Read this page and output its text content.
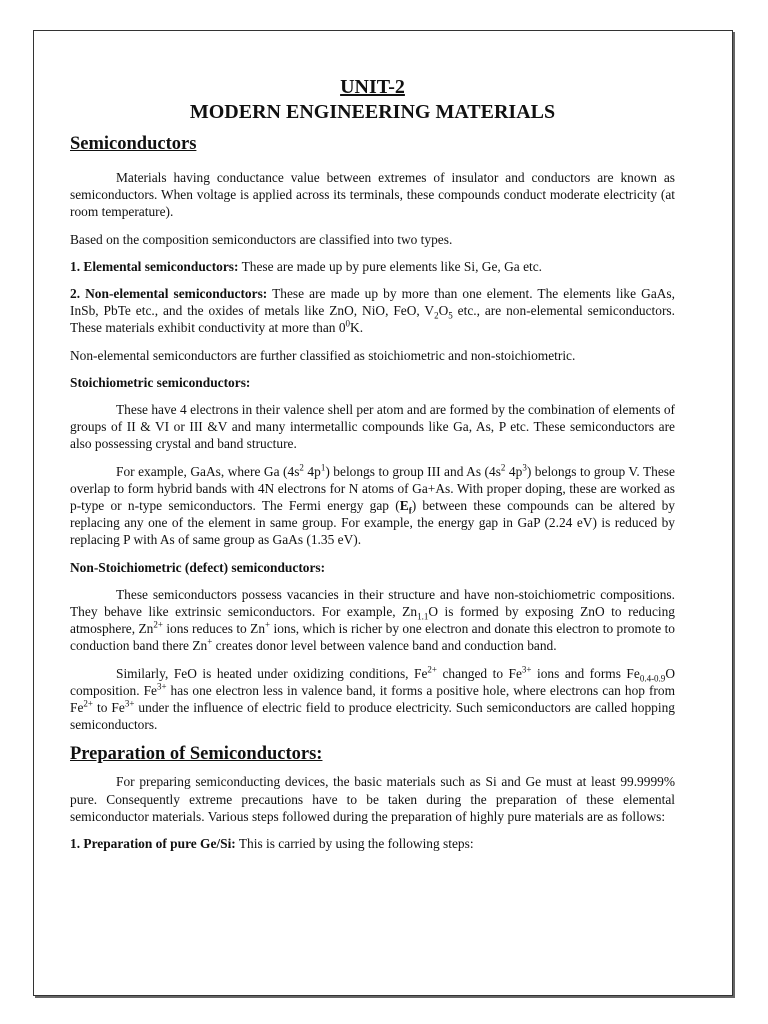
UNIT-2
MODERN ENGINEERING MATERIALS
Semiconductors

Materials having conductance value between extremes of insulator and conductors are known as semiconductors. When voltage is applied across its terminals, these compounds conduct moderate electricity (at room temperature).

Based on the composition semiconductors are classified into two types.

1. Elemental semiconductors: These are made up by pure elements like Si, Ge, Ga etc.

2. Non-elemental semiconductors: These are made up by more than one element. The elements like GaAs, InSb, PbTe etc., and the oxides of metals like ZnO, NiO, FeO, $V_2O_5$ etc., are non-elemental semiconductors. These materials exhibit conductivity at more than $0^0K$.

Non-elemental semiconductors are further classified as stoichiometric and non-stoichiometric.

Stoichiometric semiconductors:

These have 4 electrons in their valence shell per atom and are formed by the combination of elements of groups of II & VI or III &V and many intermetallic compounds like Ga, As, P etc. These semiconductors are also possessing crystal and band structure.

For example, GaAs, where Ga ($4s^2$ $4p^1$) belongs to group III and As ($4s^2$ $4p^3$) belongs to group V. These overlap to form hybrid bands with 4N electrons for N atoms of Ga+As. With proper doping, these are worked as p-type or n-type semiconductors. The Fermi energy gap $(E_f)$ between these compounds can be altered by replacing any one of the element in same group. For example, the energy gap in GaP (2.24 eV) is reduced by replacing P with As of same group as GaAs (1.35 eV).

Non-Stoichiometric (defect) semiconductors:

These semiconductors possess vacancies in their structure and have non-stoichiometric compositions. They behave like extrinsic semiconductors. For example, $Zn_{1.1}O$ is formed by exposing ZnO to reducing atmosphere, $Zn^{2+}$ ions reduces to Zn+ ions, which is richer by one electron and donate this electron to promote to conduction band there Zn+ creates donor level between valence band and conduction band.

Similarly, FeO is heated under oxidizing conditions, $Fe^{2+}$ changed to $Fe^{3+}$ ions and forms $Fe_{0.4-0.9}O$ composition. $Fe^{3+}$ has one electron less in valence band, it forms a positive hole, where electrons can hop from $Fe^{2+}$ to $Fe^{3+}$ under the influence of electric field to produce electricity. Such semiconductors are called hopping semiconductors.

Preparation of Semiconductors:

For preparing semiconducting devices, the basic materials such as Si and Ge must at least 99.9999% pure. Consequently extreme precautions have to be taken during the preparation of these elemental semiconductor materials. Various steps followed during the preparation of highly pure materials are as follows:

1. Preparation of pure Ge/Si: This is carried by using the following steps:
